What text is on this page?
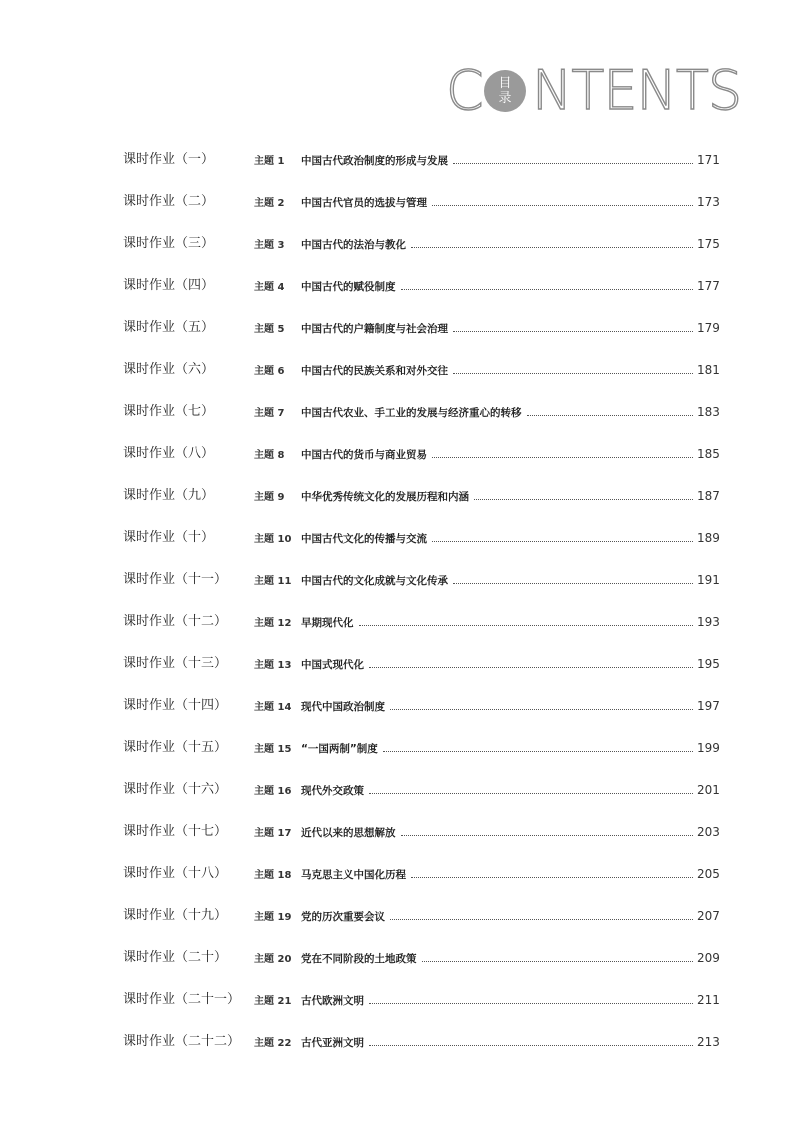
C 目
录 NTENTS
课时作业（一）	主题 1	中国古代政治制度的形成与发展	171
课时作业（二）	主题 2	中国古代官员的选拔与管理	173
课时作业（三）	主题 3	中国古代的法治与教化	175
课时作业（四）	主题 4	中国古代的赋役制度	177
课时作业（五）	主题 5	中国古代的户籍制度与社会治理	179
课时作业（六）	主题 6	中国古代的民族关系和对外交往	181
课时作业（七）	主题 7	中国古代农业、手工业的发展与经济重心的转移	183
课时作业（八）	主题 8	中国古代的货币与商业贸易	185
课时作业（九）	主题 9	中华优秀传统文化的发展历程和内涵	187
课时作业（十）	主题 10 中国古代文化的传播与交流	189
课时作业（十一）	主题 11 中国古代的文化成就与文化传承	191
课时作业（十二）	主题 12 早期现代化	193
课时作业（十三）	主题 13 中国式现代化	195
课时作业（十四）	主题 14 现代中国政治制度	197
课时作业（十五）	主题 15 “一国两制”制度	199
课时作业（十六）	主题 16 现代外交政策	201
课时作业（十七）	主题 17 近代以来的思想解放	203
课时作业（十八）	主题 18 马克思主义中国化历程	205
课时作业（十九）	主题 19 党的历次重要会议	207
课时作业（二十）	主题 20 党在不同阶段的土地政策	209
课时作业（二十一） 主题 21 古代欧洲文明	211
课时作业（二十二） 主题 22 古代亚洲文明	213
